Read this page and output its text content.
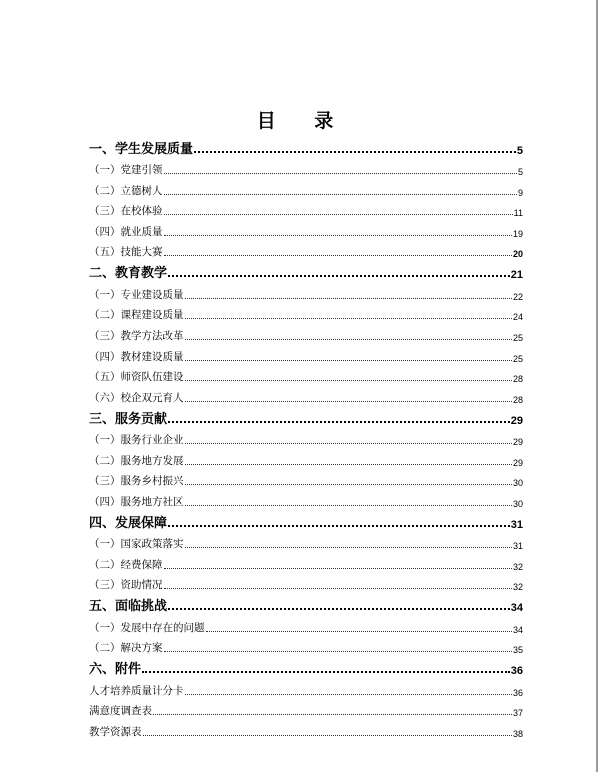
目 录
一、学生发展质量	5
（一）党建引领	5
（二）立德树人	9
（三）在校体验	11
（四）就业质量	19
（五）技能大赛	20
二、教育教学	21
（一）专业建设质量	22
（二）课程建设质量	24
（三）教学方法改革	25
（四）教材建设质量	25
（五）师资队伍建设	28
（六）校企双元育人	28
三、服务贡献	29
（一）服务行业企业	29
（二）服务地方发展	29
（三）服务乡村振兴	30
（四）服务地方社区	30
四、发展保障	31
（一）国家政策落实	31
（二）经费保障	32
（三）资助情况	32
五、面临挑战	34
（一）发展中存在的问题	34
（二）解决方案	35
六、附件	36
人才培养质量计分卡	36
满意度调查表	37
教学资源表	38
